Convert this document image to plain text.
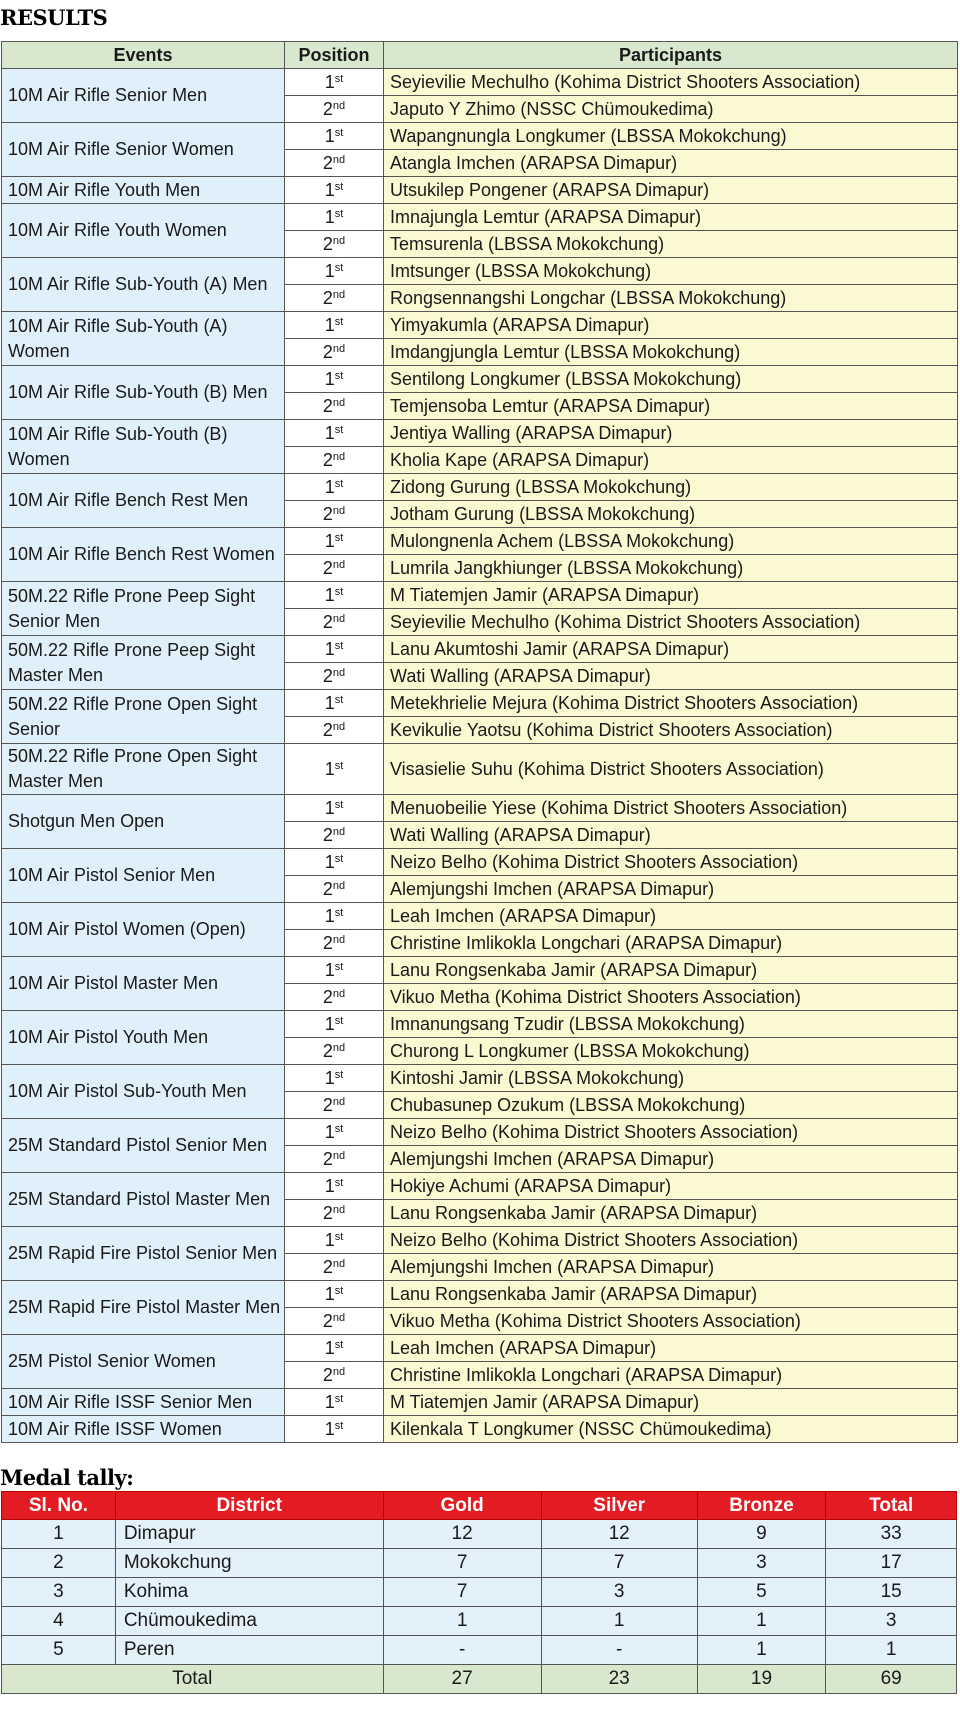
RESULTS
Events	Position	Participants
10M Air Rifle Senior Men	1st	Seyievilie Mechulho (Kohima District Shooters Association)
	2nd	Japuto Y Zhimo (NSSC Chümoukedima)
10M Air Rifle Senior Women	1st	Wapangnungla Longkumer (LBSSA Mokokchung)
	2nd	Atangla Imchen (ARAPSA Dimapur)
10M Air Rifle Youth Men	1st	Utsukilep Pongener (ARAPSA Dimapur)
10M Air Rifle Youth Women	1st	Imnajungla Lemtur (ARAPSA Dimapur)
	2nd	Temsurenla (LBSSA Mokokchung)
10M Air Rifle Sub-Youth (A) Men	1st	Imtsunger (LBSSA Mokokchung)
	2nd	Rongsennangshi Longchar (LBSSA Mokokchung)
10M Air Rifle Sub-Youth (A) Women	1st	Yimyakumla (ARAPSA Dimapur)
	2nd	Imdangjungla Lemtur (LBSSA Mokokchung)
10M Air Rifle Sub-Youth (B) Men	1st	Sentilong Longkumer (LBSSA Mokokchung)
	2nd	Temjensoba Lemtur (ARAPSA Dimapur)
10M Air Rifle Sub-Youth (B) Women	1st	Jentiya Walling (ARAPSA Dimapur)
	2nd	Kholia Kape (ARAPSA Dimapur)
10M Air Rifle Bench Rest Men	1st	Zidong Gurung (LBSSA Mokokchung)
	2nd	Jotham Gurung (LBSSA Mokokchung)
10M Air Rifle Bench Rest Women	1st	Mulongnenla Achem (LBSSA Mokokchung)
	2nd	Lumrila Jangkhiunger (LBSSA Mokokchung)
50M.22 Rifle Prone Peep Sight Senior Men	1st	M Tiatemjen Jamir (ARAPSA Dimapur)
	2nd	Seyievilie Mechulho (Kohima District Shooters Association)
50M.22 Rifle Prone Peep Sight Master Men	1st	Lanu Akumtoshi Jamir (ARAPSA Dimapur)
	2nd	Wati Walling (ARAPSA Dimapur)
50M.22 Rifle Prone Open Sight Senior	1st	Metekhrielie Mejura (Kohima District Shooters Association)
	2nd	Kevikulie Yaotsu (Kohima District Shooters Association)
50M.22 Rifle Prone Open Sight Master Men	1st	Visasielie Suhu (Kohima District Shooters Association)
Shotgun Men Open	1st	Menuobeilie Yiese (Kohima District Shooters Association)
	2nd	Wati Walling (ARAPSA Dimapur)
10M Air Pistol Senior Men	1st	Neizo Belho (Kohima District Shooters Association)
	2nd	Alemjungshi Imchen (ARAPSA Dimapur)
10M Air Pistol Women (Open)	1st	Leah Imchen (ARAPSA Dimapur)
	2nd	Christine Imlikokla Longchari (ARAPSA Dimapur)
10M Air Pistol Master Men	1st	Lanu Rongsenkaba Jamir (ARAPSA Dimapur)
	2nd	Vikuo Metha (Kohima District Shooters Association)
10M Air Pistol Youth Men	1st	Imnanungsang Tzudir (LBSSA Mokokchung)
	2nd	Churong L Longkumer (LBSSA Mokokchung)
10M Air Pistol Sub-Youth Men	1st	Kintoshi Jamir (LBSSA Mokokchung)
	2nd	Chubasunep Ozukum (LBSSA Mokokchung)
25M Standard Pistol Senior Men	1st	Neizo Belho (Kohima District Shooters Association)
	2nd	Alemjungshi Imchen (ARAPSA Dimapur)
25M Standard Pistol Master Men	1st	Hokiye Achumi (ARAPSA Dimapur)
	2nd	Lanu Rongsenkaba Jamir (ARAPSA Dimapur)
25M Rapid Fire Pistol Senior Men	1st	Neizo Belho (Kohima District Shooters Association)
	2nd	Alemjungshi Imchen (ARAPSA Dimapur)
25M Rapid Fire Pistol Master Men	1st	Lanu Rongsenkaba Jamir (ARAPSA Dimapur)
	2nd	Vikuo Metha (Kohima District Shooters Association)
25M Pistol Senior Women	1st	Leah Imchen (ARAPSA Dimapur)
	2nd	Christine Imlikokla Longchari (ARAPSA Dimapur)
10M Air Rifle ISSF Senior Men	1st	M Tiatemjen Jamir (ARAPSA Dimapur)
10M Air Rifle ISSF Women	1st	Kilenkala T Longkumer (NSSC Chümoukedima)
Medal tally:
Sl. No.	District	Gold	Silver	Bronze	Total
1	Dimapur	12	12	9	33
2	Mokokchung	7	7	3	17
3	Kohima	7	3	5	15
4	Chümoukedima	1	1	1	3
5	Peren	-	-	1	1
Total		27	23	19	69
